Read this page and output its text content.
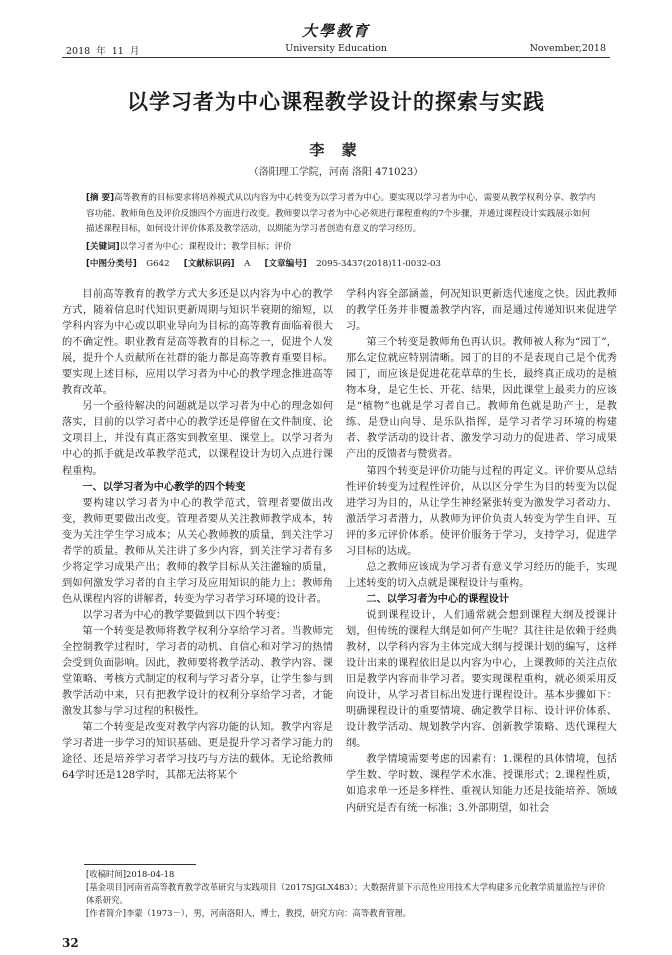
大學教育
2018 年 11 月	University Education	November,2018
以学习者为中心课程教学设计的探索与实践
李 蒙
（洛阳理工学院，河南 洛阳 471023）
[摘 要]高等教育的目标要求将培养模式从以内容为中心转变为以学习者为中心。要实现以学习者为中心，需要从教学权利分享、教学内容功能、教师角色及评价反馈四个方面进行改变。教师要以学习者为中心必须进行课程重构的7个步骤，并通过课程设计实践展示如何描述课程目标，如何设计评价体系及教学活动，以期能为学习者创造有意义的学习经历。
[关键词]以学习者为中心；课程设计；教学目标；评价
[中图分类号] G642 [文献标识码] A [文章编号] 2095-3437(2018)11-0032-03

目前高等教育的教学方式大多还是以内容为中心的教学方式，随着信息时代知识更新周期与知识半衰期的缩短，以学科内容为中心或以职业导向为目标的高等教育面临着很大的不确定性。职业教育是高等教育的目标之一，促进个人发展，提升个人贡献所在社群的能力都是高等教育重要目标。要实现上述目标，应用以学习者为中心的教学理念推进高等教育改革。

另一个亟待解决的问题就是以学习者为中心的理念如何落实，目前的以学习者中心的教学还是停留在文件制度、论文项目上，并没有真正落实到教室里、课堂上。以学习者为中心的抓手就是改革教学范式，以课程设计为切入点进行课程重构。

一、以学习者为中心教学的四个转变

要构建以学习者为中心的教学范式，管理者要做出改变，教师更要做出改变。管理者要从关注教师教学成本，转变为关注学生学习成本；从关心教师教的质量，到关注学习者学的质量。教师从关注讲了多少内容，到关注学习者有多少将定学习成果产出；教师的教学目标从关注灌输的质量，到如何激发学习者的自主学习及应用知识的能力上；教师角色从课程内容的讲解者，转变为学习者学习环境的设计者。

以学习者为中心的教学要做到以下四个转变：

第一个转变是教师将教学权利分享给学习者。当教师完全控制教学过程时，学习者的动机、自信心和对学习的热情会受到负面影响。因此，教师要将教学活动、教学内容、课堂策略、考核方式制定的权利与学习者分享，让学生参与到教学活动中来，只有把教学设计的权利分享给学习者，才能激发其参与学习过程的积极性。

第二个转变是改变对教学内容功能的认知。教学内容是学习者进一步学习的知识基础、更是提升学习者学习能力的途径、还是培养学习者学习技巧与方法的载体。无论给教师64学时还是128学时，其都无法将某个

学科内容全部涵盖，何况知识更新迭代速度之快。因此教师的教学任务并非覆盖教学内容，而是通过传递知识来促进学习。

第三个转变是教师角色再认识。教师被人称为“园丁”，那么定位就应特别清晰。园丁的目的不是表现自己是个优秀园丁，而应该是促进花花草草的生长，最终真正成功的是植物本身，是它生长、开花、结果，因此课堂上最卖力的应该是“植物”也就是学习者自己。教师角色就是助产士，是教练、是登山向导、是乐队指挥，是学习者学习环境的构建者、教学活动的设计者、激发学习动力的促进者、学习成果产出的反馈者与赞赏者。

第四个转变是评价功能与过程的再定义。评价要从总结性评价转变为过程性评价，从以区分学生为目的转变为以促进学习为目的，从让学生神经紧张转变为激发学习者动力、激活学习者潜力，从教师为评价负责人转变为学生自评、互评的多元评价体系。使评价服务于学习，支持学习，促进学习目标的达成。

总之教师应该成为学习者有意义学习经历的能手，实现上述转变的切入点就是课程设计与重构。

二、以学习者为中心的课程设计

说到课程设计，人们通常就会想到课程大纲及授课计划，但传统的课程大纲是如何产生呢？其往往是依赖于经典教材，以学科内容为主体完成大纲与授课计划的编写，这样设计出来的课程依旧是以内容为中心，上课教师的关注点依旧是教学内容而非学习者。要实现课程重构，就必须采用反向设计，从学习者目标出发进行课程设计。基本步骤如下：明确课程设计的重要情境、确定教学目标、设计评价体系、设计教学活动、规划教学内容、创新教学策略、迭代课程大纲。

教学情境需要考虑的因素有：1.课程的具体情境，包括学生数、学时数、课程学术水准、授课形式；2.课程性质，如追求单一还是多样性、重视认知能力还是技能培养、领域内研究是否有统一标准；3.外部期望，如社会

[收稿时间]2018-04-18
[基金项目]河南省高等教育教学改革研究与实践项目（2017SJGLX483）；大数据背景下示范性应用技术大学构建多元化教学质量监控与评价体系研究。
[作者简介]李蒙（1973－），男，河南洛阳人，博士，教授，研究方向：高等教育管理。
32
